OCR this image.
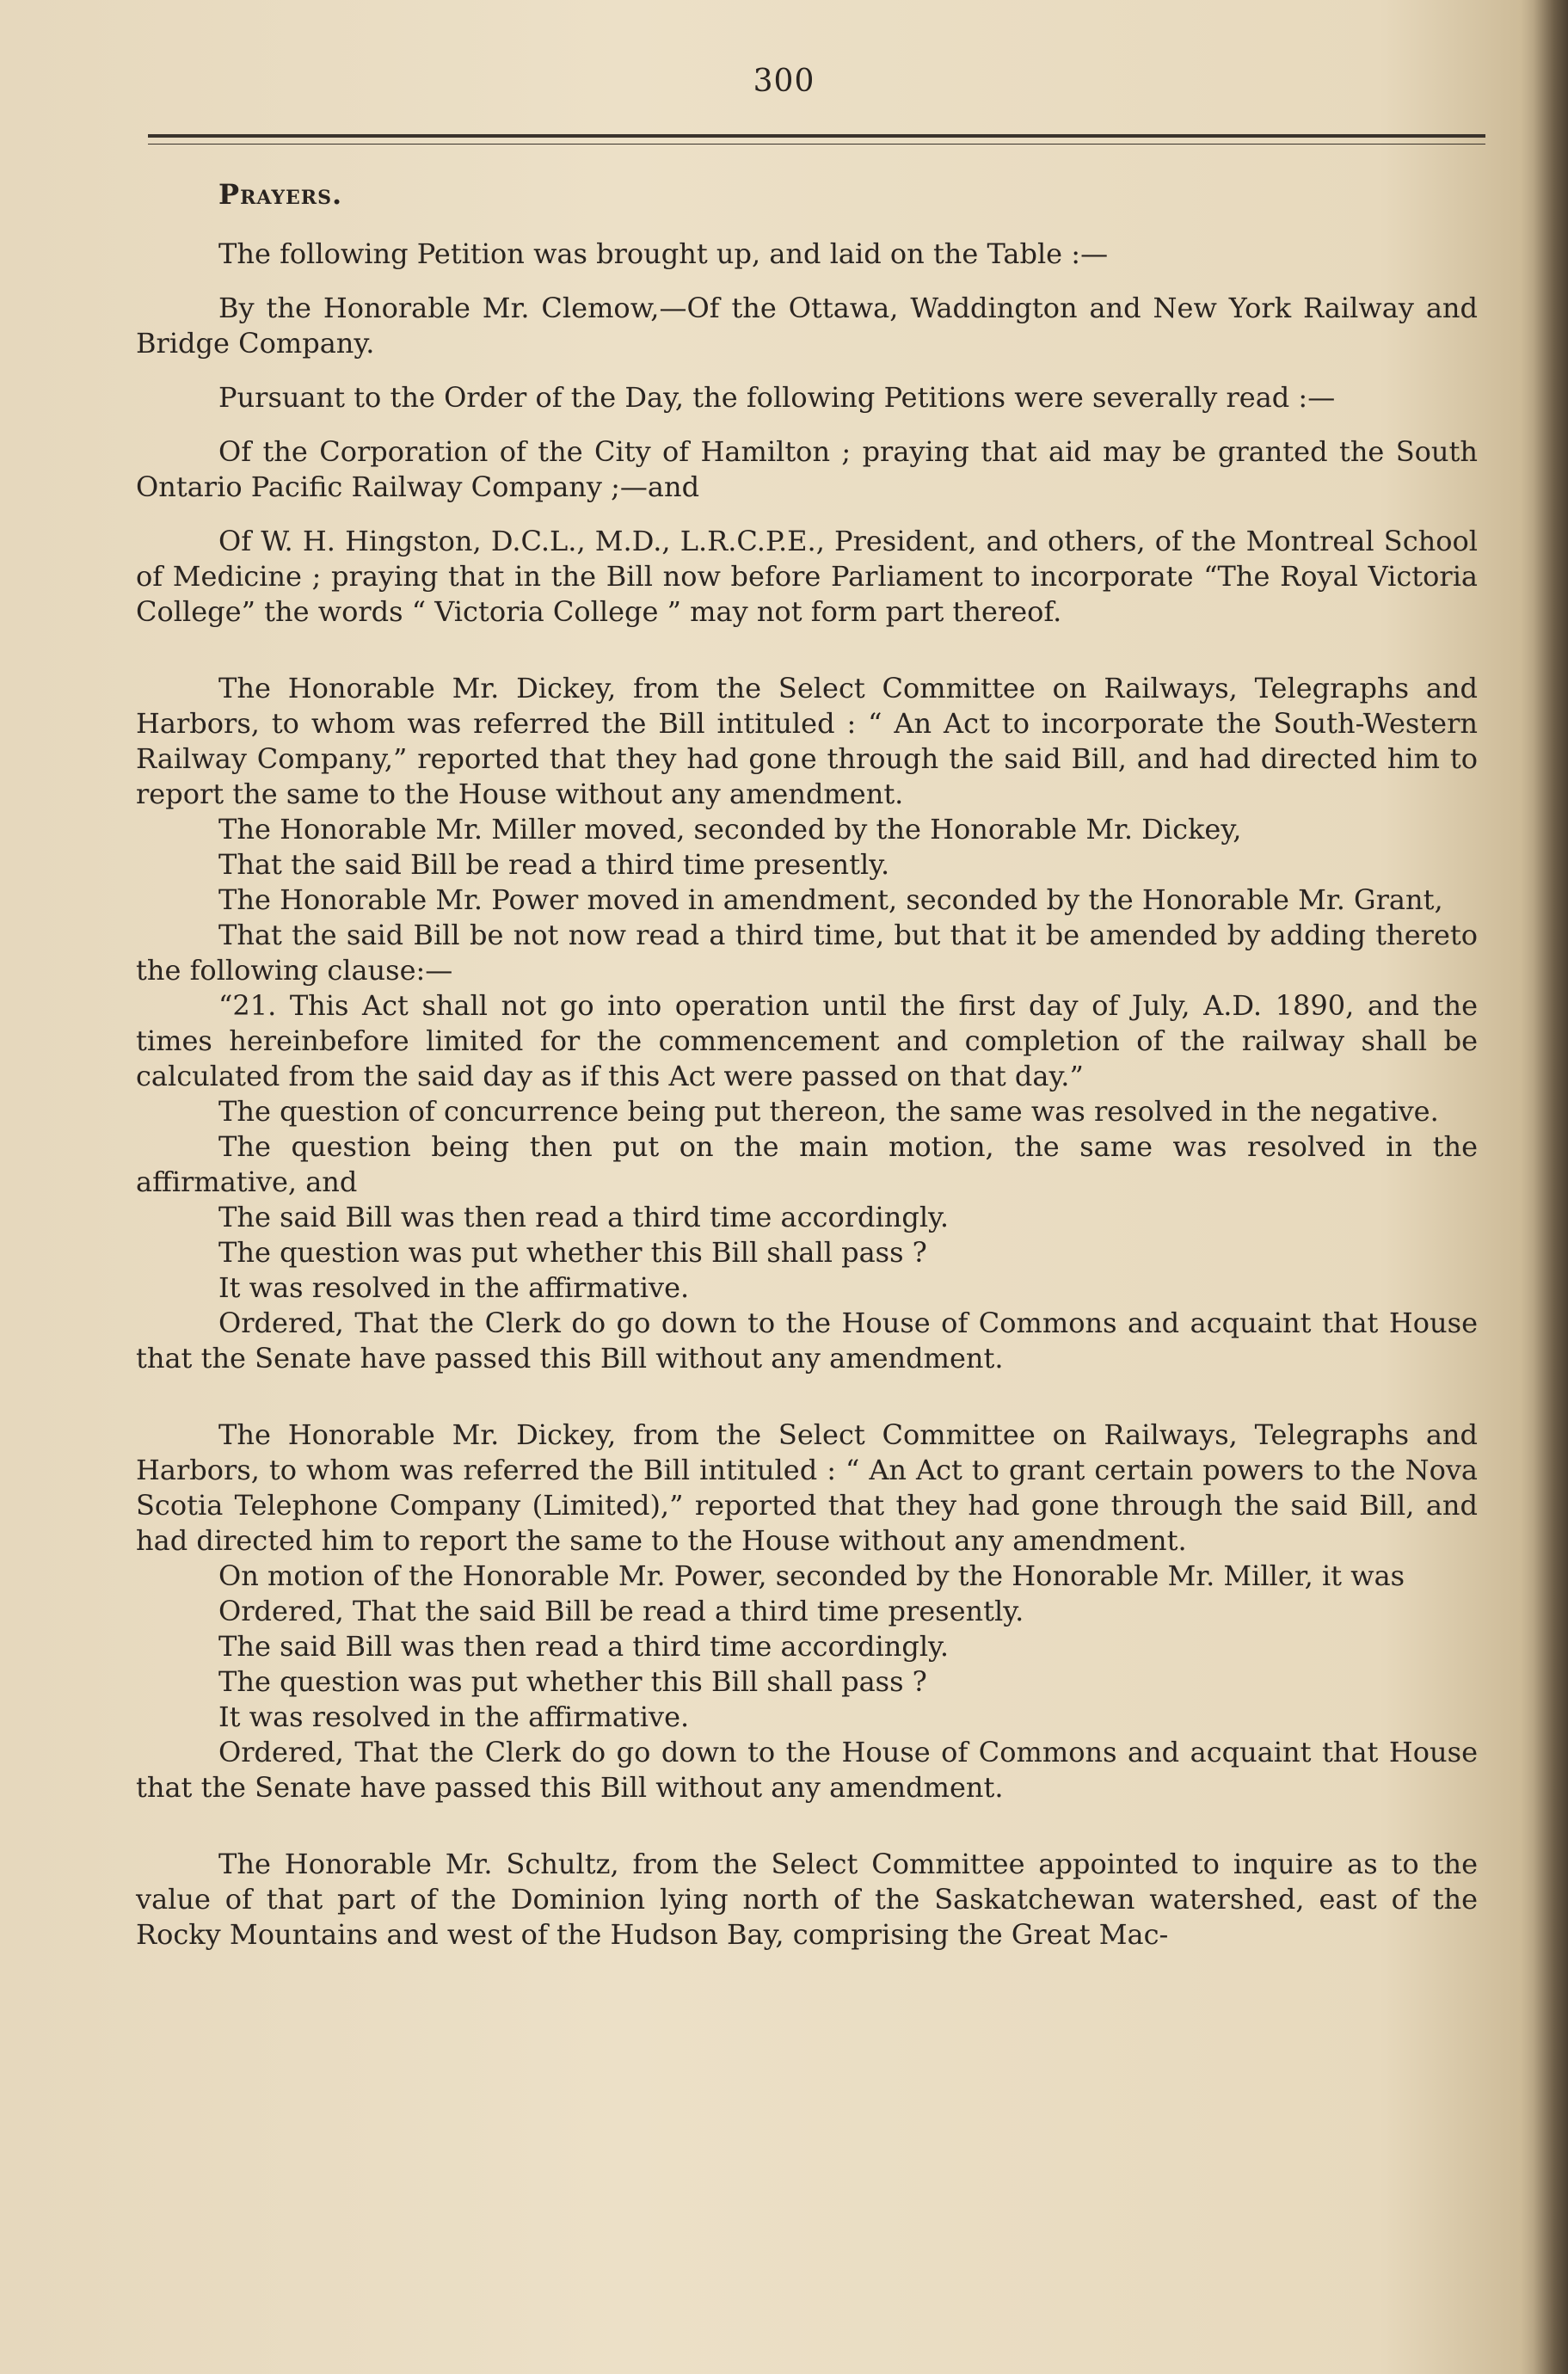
300
Prayers.

The following Petition was brought up, and laid on the Table :—

By the Honorable Mr. Clemow,—Of the Ottawa, Waddington and New York Railway and Bridge Company.

Pursuant to the Order of the Day, the following Petitions were severally read :—

Of the Corporation of the City of Hamilton ; praying that aid may be granted the South Ontario Pacific Railway Company ;—and

Of W. H. Hingston, D.C.L., M.D., L.R.C.P.E., President, and others, of the Montreal School of Medicine ; praying that in the Bill now before Parliament to incorporate “The Royal Victoria College” the words “ Victoria College ” may not form part thereof.

The Honorable Mr. Dickey, from the Select Committee on Railways, Telegraphs and Harbors, to whom was referred the Bill intituled : “ An Act to incorporate the South-Western Railway Company,” reported that they had gone through the said Bill, and had directed him to report the same to the House without any amendment.

The Honorable Mr. Miller moved, seconded by the Honorable Mr. Dickey,

That the said Bill be read a third time presently.

The Honorable Mr. Power moved in amendment, seconded by the Honorable Mr. Grant,

That the said Bill be not now read a third time, but that it be amended by adding thereto the following clause:—

“21. This Act shall not go into operation until the first day of July, A.D. 1890, and the times hereinbefore limited for the commencement and completion of the railway shall be calculated from the said day as if this Act were passed on that day.”

The question of concurrence being put thereon, the same was resolved in the negative.

The question being then put on the main motion, the same was resolved in the affirmative, and

The said Bill was then read a third time accordingly.

The question was put whether this Bill shall pass ?

It was resolved in the affirmative.

Ordered, That the Clerk do go down to the House of Commons and acquaint that House that the Senate have passed this Bill without any amendment.

The Honorable Mr. Dickey, from the Select Committee on Railways, Telegraphs and Harbors, to whom was referred the Bill intituled : “ An Act to grant certain powers to the Nova Scotia Telephone Company (Limited),” reported that they had gone through the said Bill, and had directed him to report the same to the House without any amendment.

On motion of the Honorable Mr. Power, seconded by the Honorable Mr. Miller, it was

Ordered, That the said Bill be read a third time presently.

The said Bill was then read a third time accordingly.

The question was put whether this Bill shall pass ?

It was resolved in the affirmative.

Ordered, That the Clerk do go down to the House of Commons and acquaint that House that the Senate have passed this Bill without any amendment.

The Honorable Mr. Schultz, from the Select Committee appointed to inquire as to the value of that part of the Dominion lying north of the Saskatchewan watershed, east of the Rocky Mountains and west of the Hudson Bay, comprising the Great Mac-
